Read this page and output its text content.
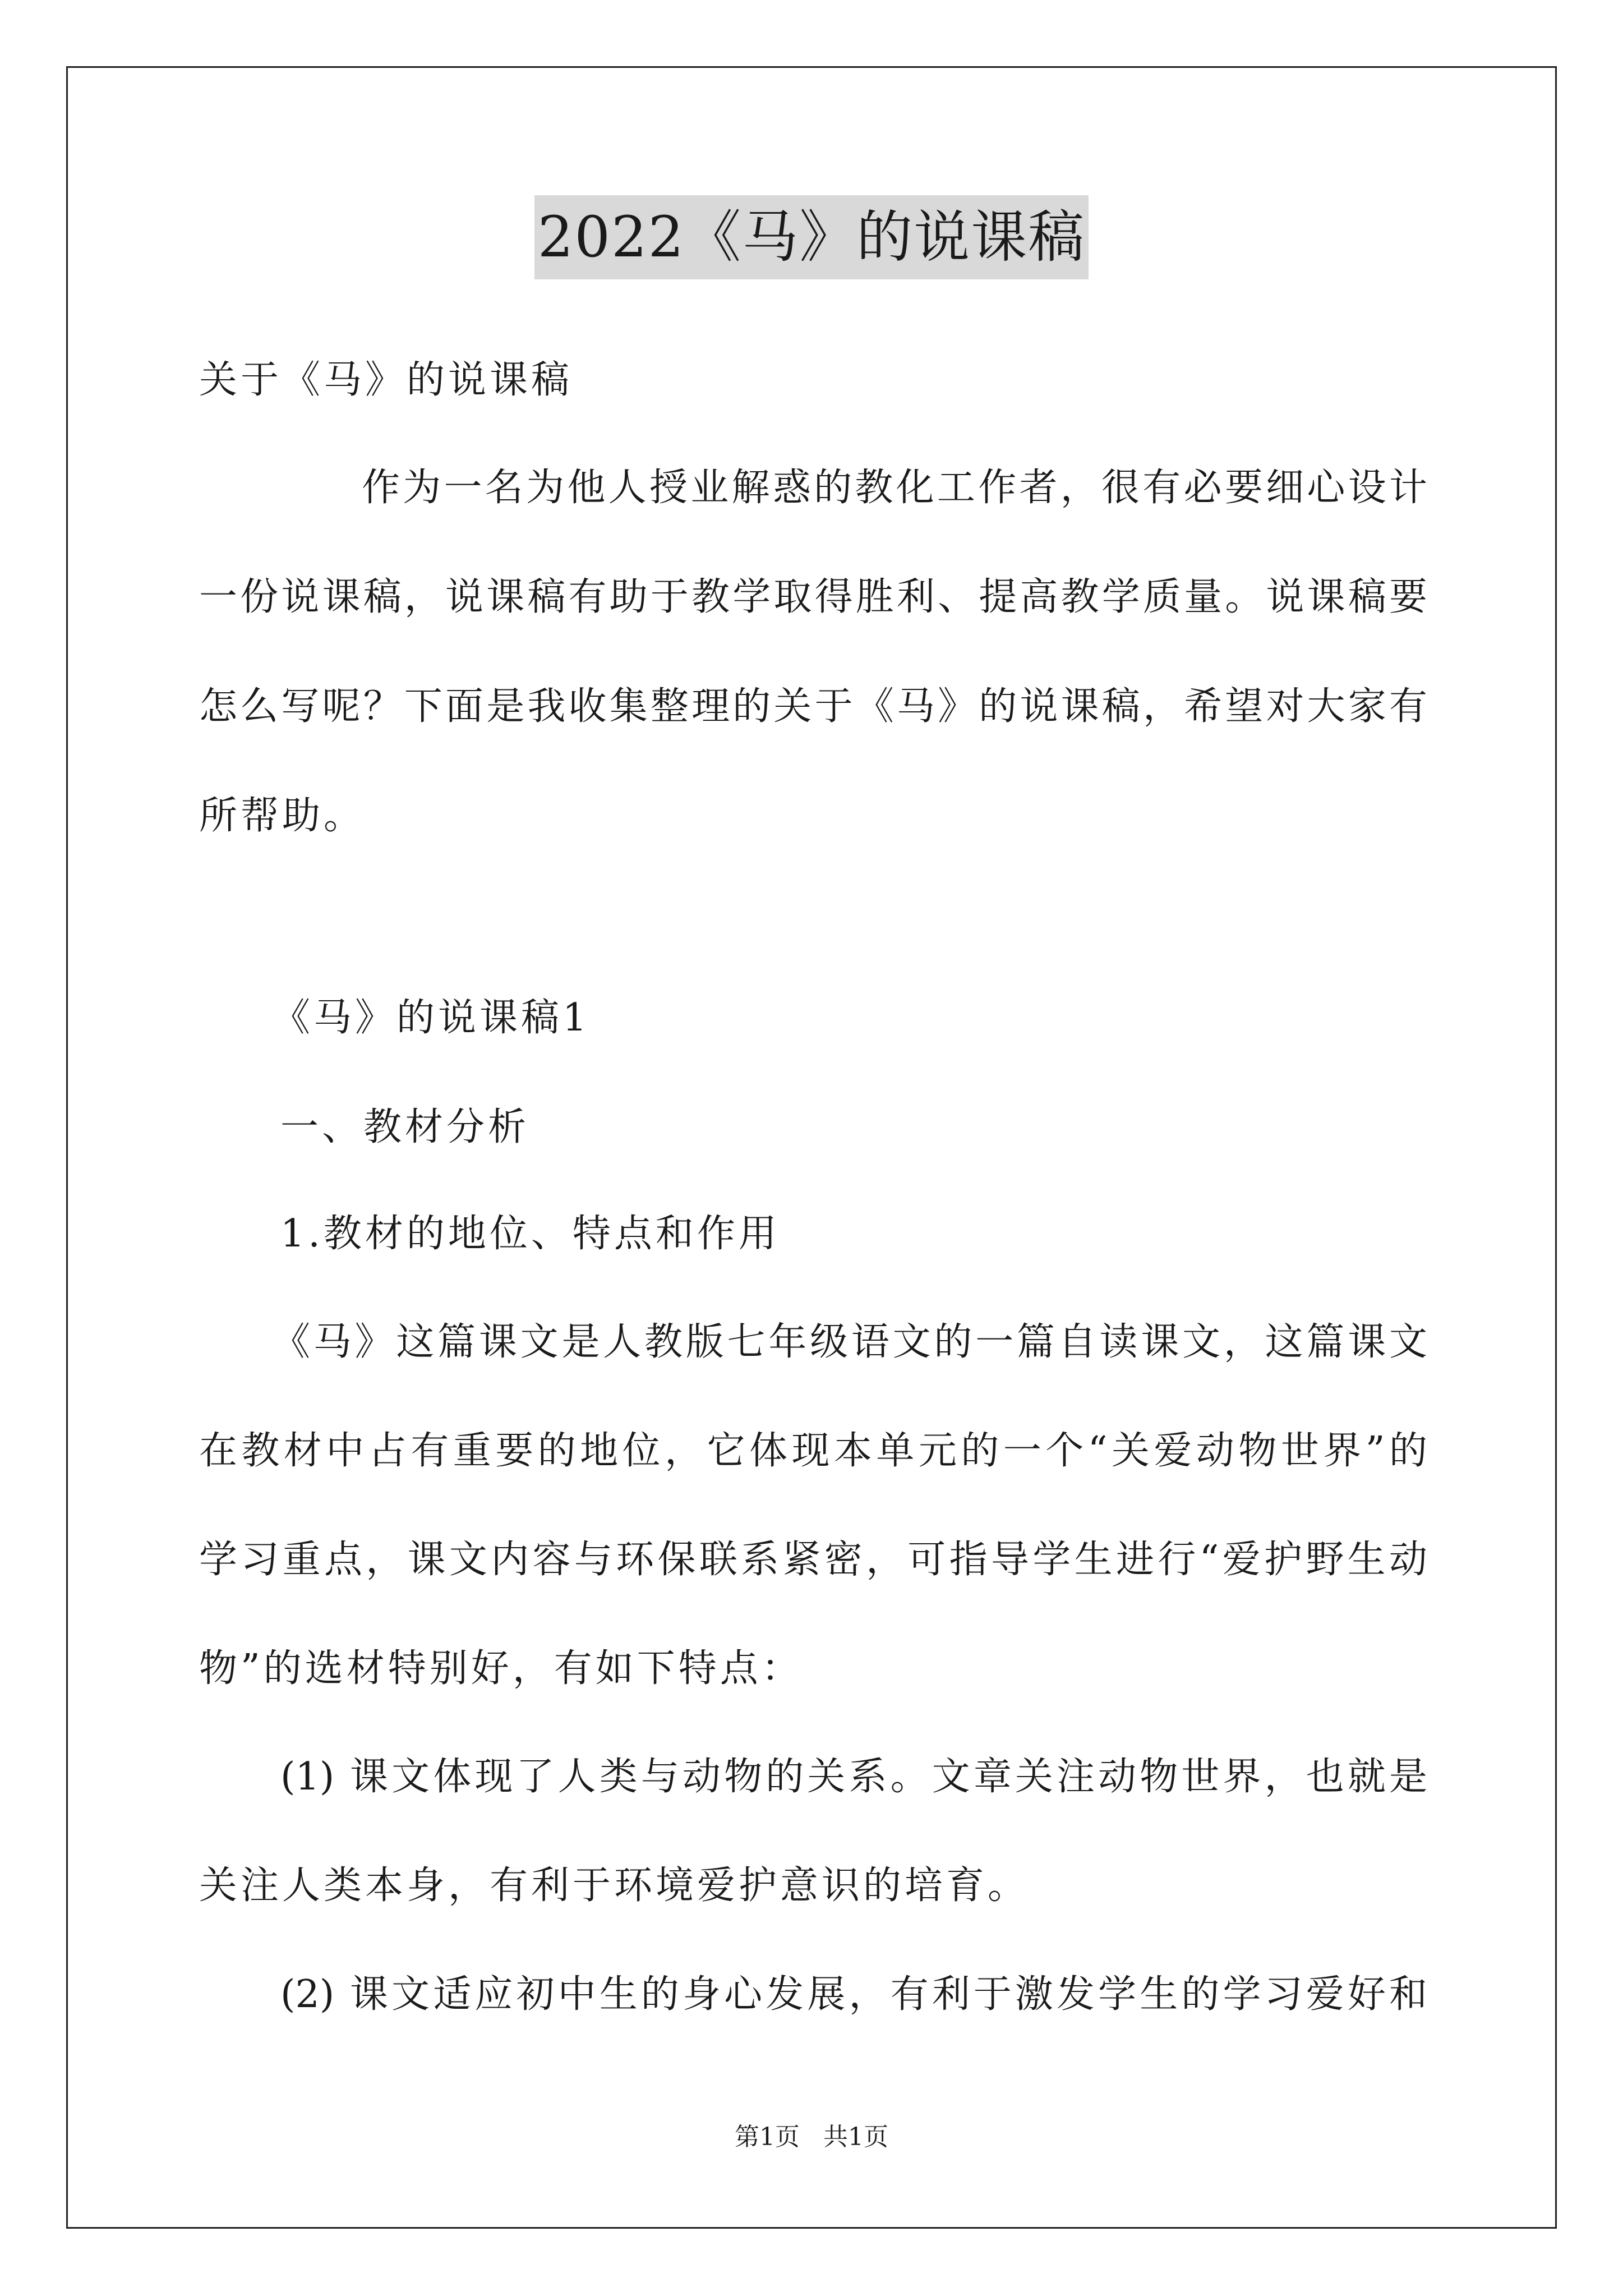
2022《马》的说课稿
关于《马》的说课稿
作为一名为他人授业解惑的教化工作者，很有必要细心设计
一份说课稿，说课稿有助于教学取得胜利、提高教学质量。说课稿要
怎么写呢？下面是我收集整理的关于《马》的说课稿，希望对大家有
所帮助。
《马》的说课稿1
一、教材分析
1.教材的地位、特点和作用
《马》这篇课文是人教版七年级语文的一篇自读课文，这篇课文
在教材中占有重要的地位，它体现本单元的一个“关爱动物世界”的
学习重点，课文内容与环保联系紧密，可指导学生进行“爱护野生动
物”的选材特别好，有如下特点：
(1) 课文体现了人类与动物的关系。文章关注动物世界，也就是
关注人类本身，有利于环境爱护意识的培育。
(2) 课文适应初中生的身心发展，有利于激发学生的学习爱好和
第1页   共1页
